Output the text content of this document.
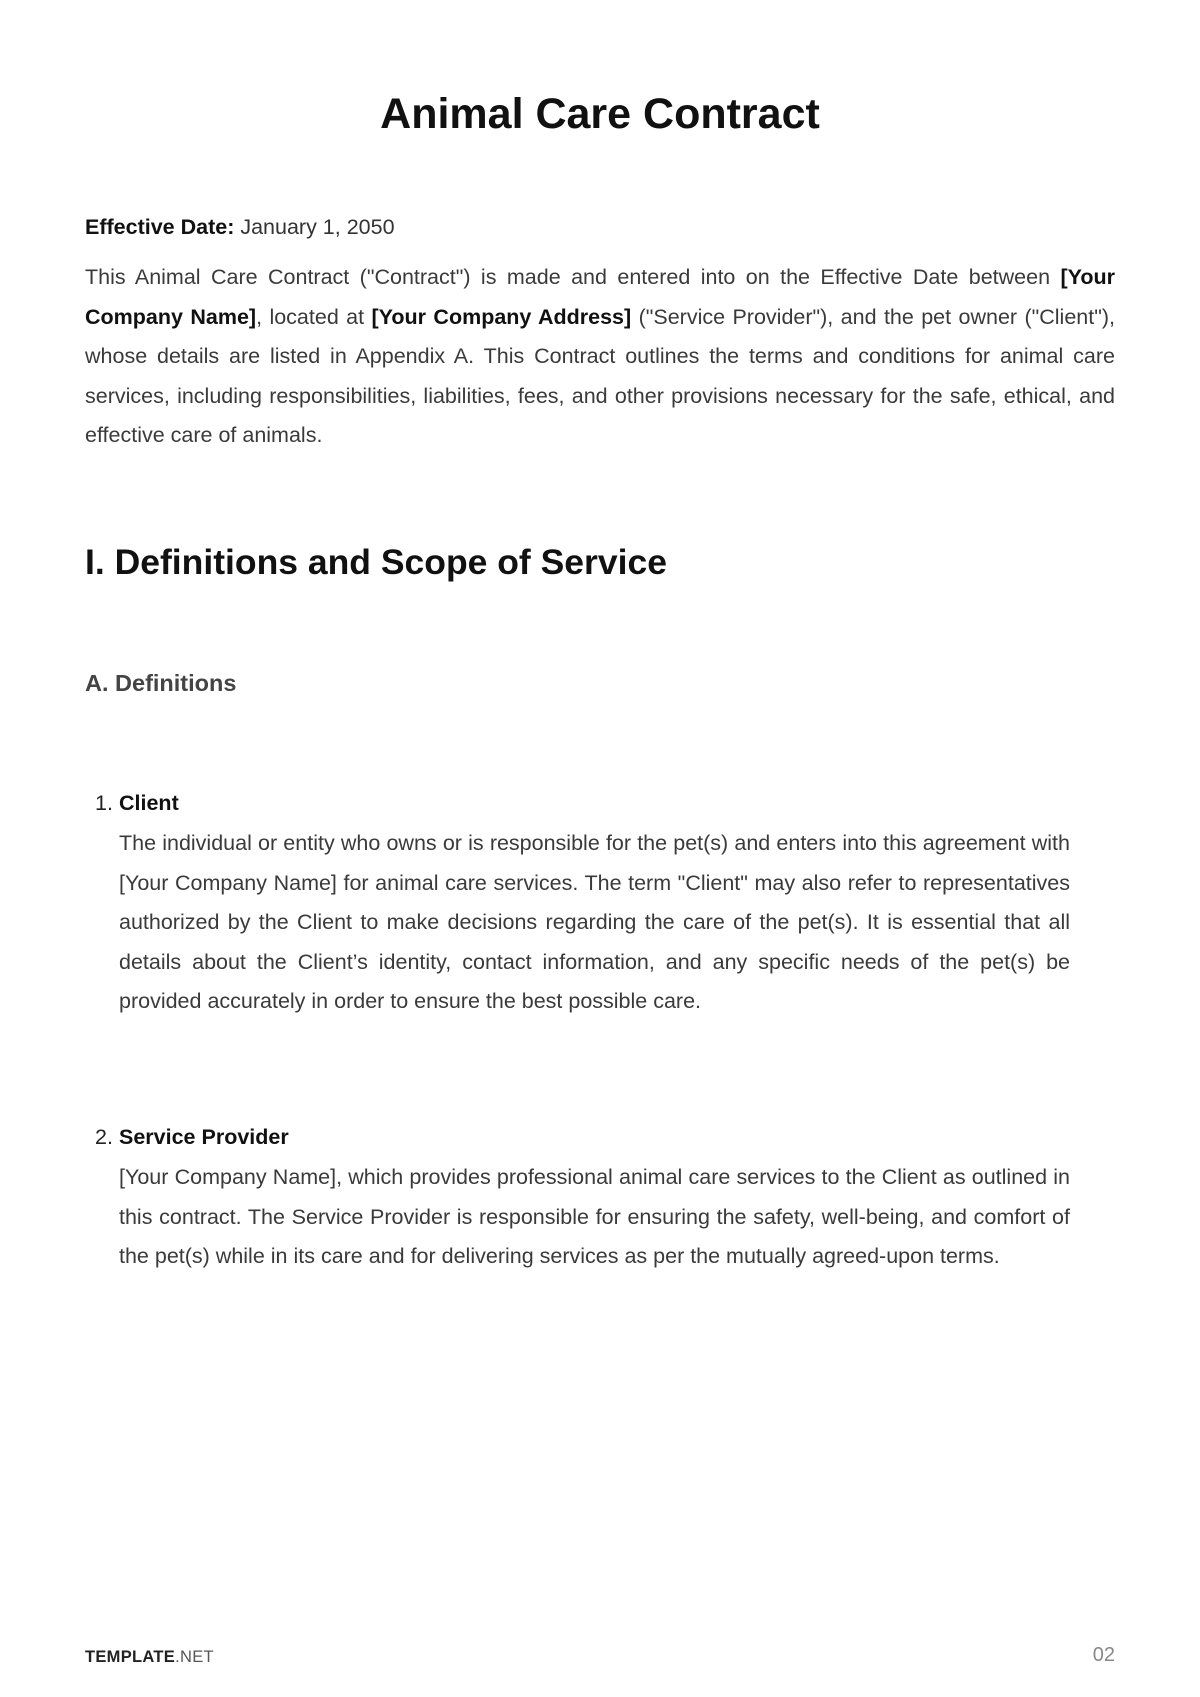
Animal Care Contract
Effective Date: January 1, 2050

This Animal Care Contract ("Contract") is made and entered into on the Effective Date between [Your Company Name], located at [Your Company Address] ("Service Provider"), and the pet owner ("Client"), whose details are listed in Appendix A. This Contract outlines the terms and conditions for animal care services, including responsibilities, liabilities, fees, and other provisions necessary for the safe, ethical, and effective care of animals.

I. Definitions and Scope of Service
A. Definitions
1. Client

The individual or entity who owns or is responsible for the pet(s) and enters into this agreement with [Your Company Name] for animal care services. The term "Client" may also refer to representatives authorized by the Client to make decisions regarding the care of the pet(s). It is essential that all details about the Client’s identity, contact information, and any specific needs of the pet(s) be provided accurately in order to ensure the best possible care.

2. Service Provider

[Your Company Name], which provides professional animal care services to the Client as outlined in this contract. The Service Provider is responsible for ensuring the safety, well-being, and comfort of the pet(s) while in its care and for delivering services as per the mutually agreed-upon terms.

TEMPLATE.NET	02
